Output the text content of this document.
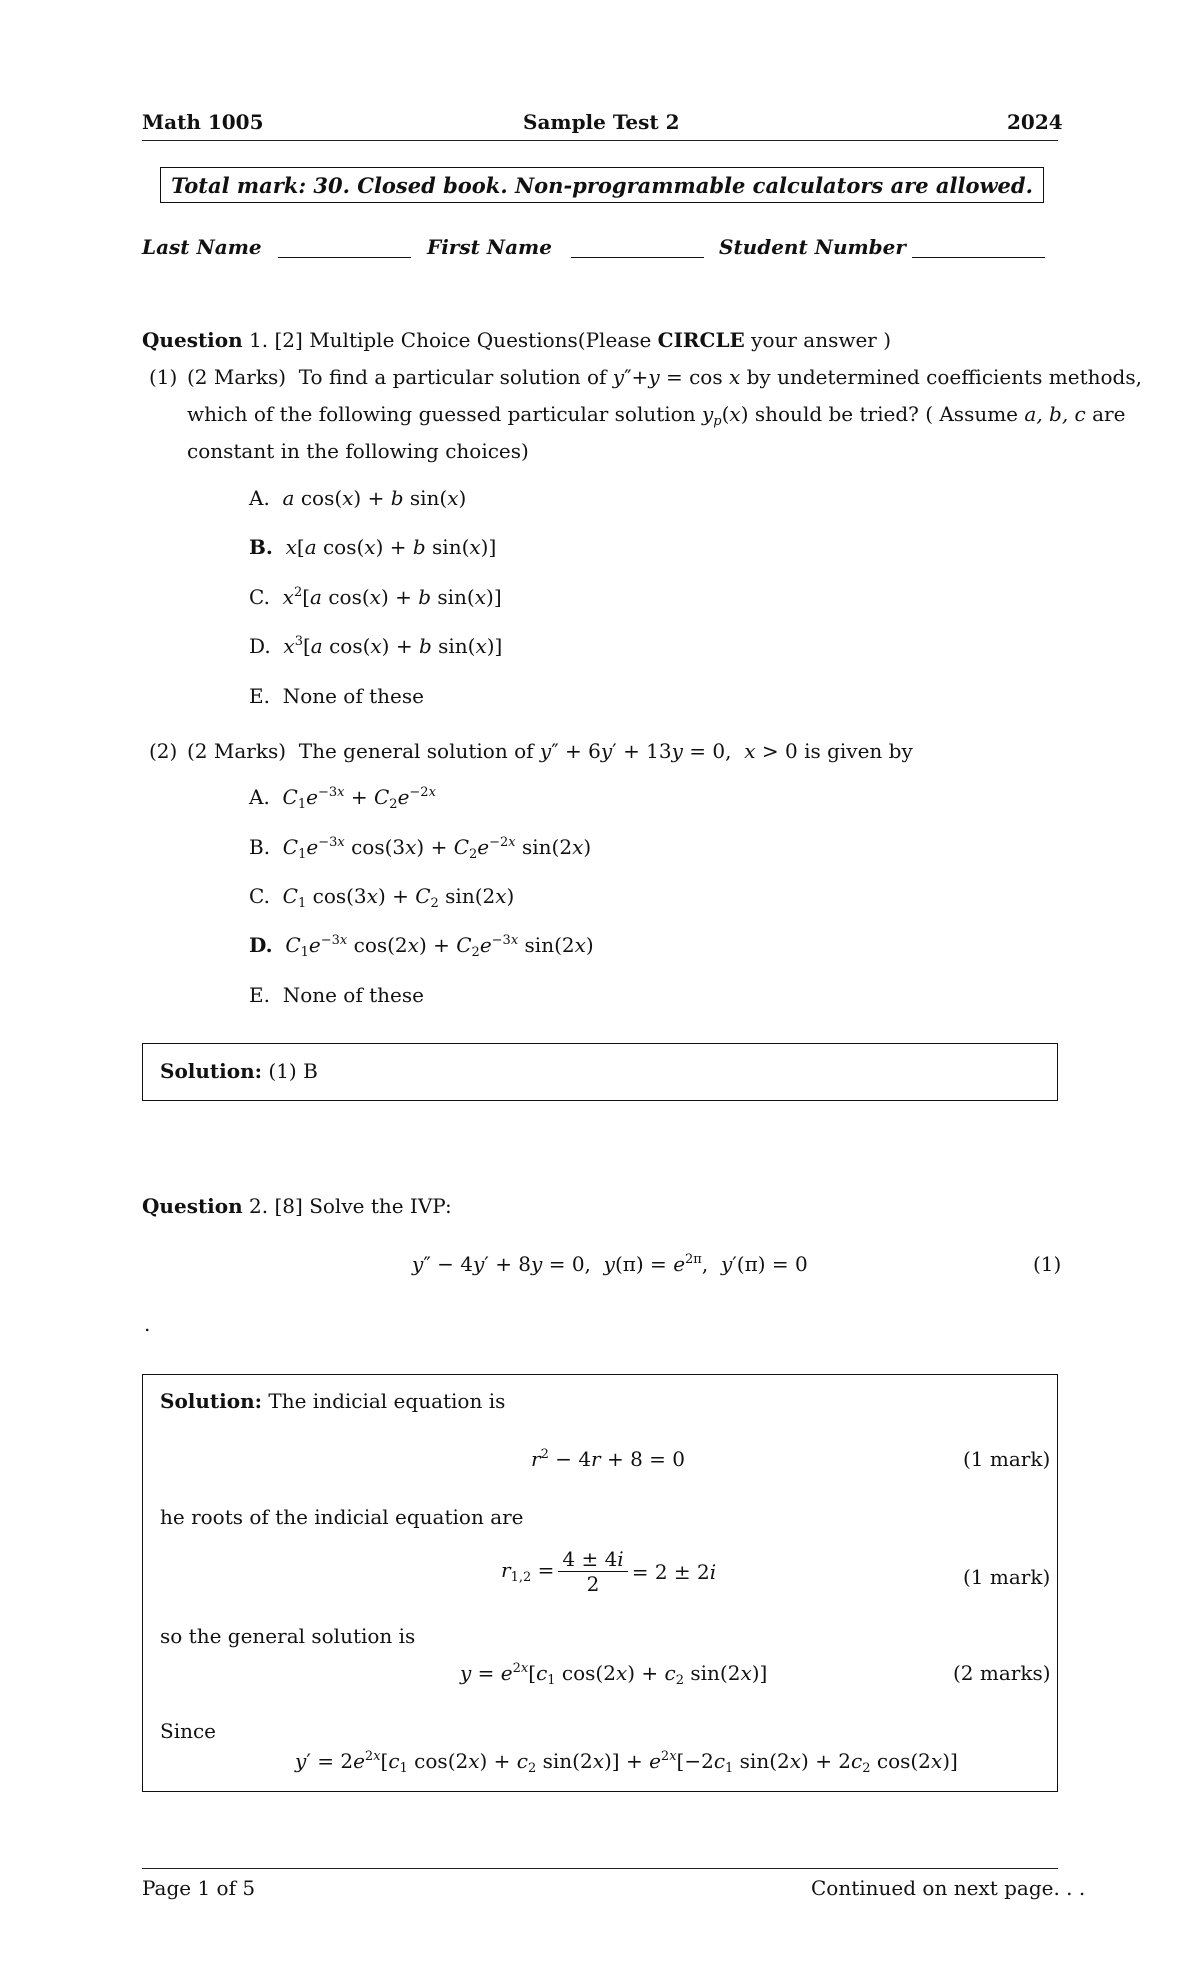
Math 1005	Sample Test 2	2024
Total mark: 30. Closed book. Non-programmable calculators are allowed.
Last Name	First Name	Student Number
Question 1. [2] Multiple Choice Questions(Please CIRCLE your answer )
(1) (2 Marks) To find a particular solution of y″+y = cos x by undetermined coefficients methods,
which of the following guessed particular solution $y_p(x)$ should be tried? ( Assume a, b, c are
constant in the following choices)
A. a cos(x) + b sin(x)
B. x[a cos(x) + b sin(x)]
C. $x^2[a$ cos(x) + b sin(x)]
D. $x^3[a$ cos(x) + b sin(x)]
E. None of these
(2) (2 Marks) The general solution of y″ + 6y′ + 13y = 0,  x > 0 is given by
A. $C_1e^{-3x} + C_2e^{-2x}$
B. $C_1e^{-3x}$ $\cos(3x) + C_2e^{-2x}$ sin(2x)
C. $C_1$ $\cos(3x) + C_2$ sin(2x)
D. $C_1e^{-3x}$ $\cos(2x) + C_2e^{-3x}$ sin(2x)
E. None of these
Solution: (1) B
Question 2. [8] Solve the IVP:
y″ − 4y′ + 8y = 0,  $y(\pi) = e^{2\pi}$,  y′(π) = 0	(1)
.
Solution: The indicial equation is
$r^2 - 4r + 8 = 0$	(1 mark)
he roots of the indicial equation are
$r_{1,2} = \frac{4 \pm 4i}{2} = 2 \pm 2i$	(1 mark)
so the general solution is
$y = e^{2x}[c_1$ $\cos(2x) + c_2$ sin(2x)]	(2 marks)
Since
$y' = 2e^{2x}[c_1$ $\cos(2x) + c_2$ $\sin(2x)] + e^{2x}[-2c_1$ $\sin(2x) + 2c_2$ cos(2x)]
Page 1 of 5	Continued on next page. . .
